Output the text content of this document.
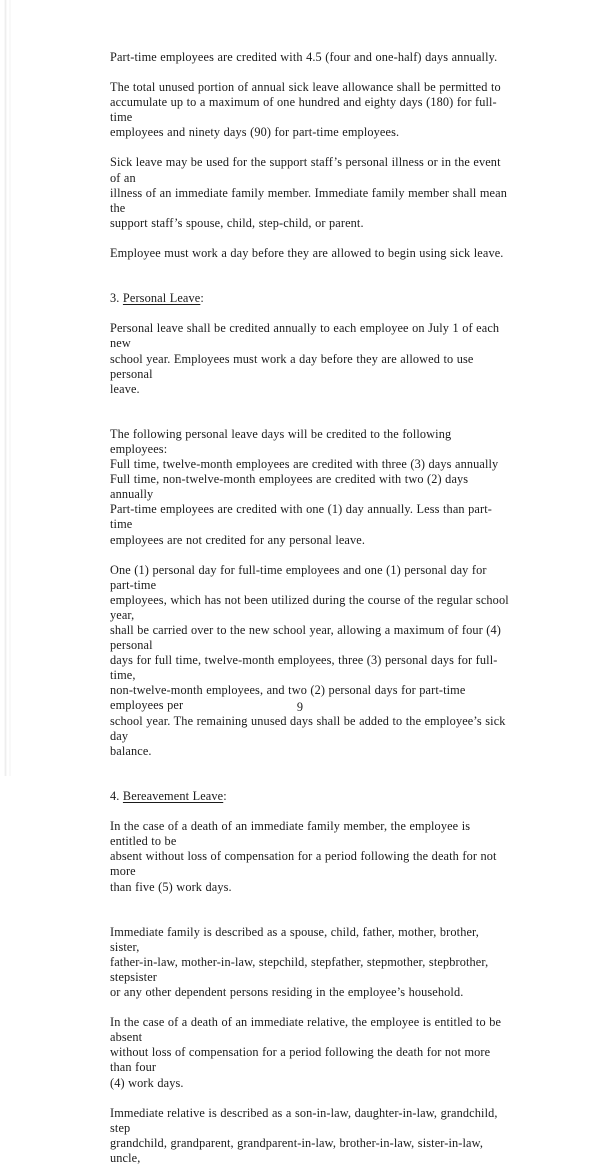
Part-time employees are credited with 4.5 (four and one-half) days annually.

The total unused portion of annual sick leave allowance shall be permitted to
accumulate up to a maximum of one hundred and eighty days (180) for full-time
employees and ninety days (90) for part-time employees.

Sick leave may be used for the support staff’s personal illness or in the event of an
illness of an immediate family member. Immediate family member shall mean the
support staff’s spouse, child, step-child, or parent.

Employee must work a day before they are allowed to begin using sick leave.

3. Personal Leave:

Personal leave shall be credited annually to each employee on July 1 of each new
school year. Employees must work a day before they are allowed to use personal
leave.

The following personal leave days will be credited to the following employees:
Full time, twelve-month employees are credited with three (3) days annually
Full time, non-twelve-month employees are credited with two (2) days annually
Part-time employees are credited with one (1) day annually. Less than part-time
employees are not credited for any personal leave.

One (1) personal day for full-time employees and one (1) personal day for part-time
employees, which has not been utilized during the course of the regular school year,
shall be carried over to the new school year, allowing a maximum of four (4) personal
days for full time, twelve-month employees, three (3) personal days for full-time,
non-twelve-month employees, and two (2) personal days for part-time employees per
school year. The remaining unused days shall be added to the employee’s sick day
balance.

4. Bereavement Leave:

In the case of a death of an immediate family member, the employee is entitled to be
absent without loss of compensation for a period following the death for not more
than five (5) work days.

Immediate family is described as a spouse, child, father, mother, brother, sister,
father-in-law, mother-in-law, stepchild, stepfather, stepmother, stepbrother, stepsister
or any other dependent persons residing in the employee’s household.

In the case of a death of an immediate relative, the employee is entitled to be absent
without loss of compensation for a period following the death for not more than four
(4) work days.

Immediate relative is described as a son-in-law, daughter-in-law, grandchild, step
grandchild, grandparent, grandparent-in-law, brother-in-law, sister-in-law, uncle,

9
